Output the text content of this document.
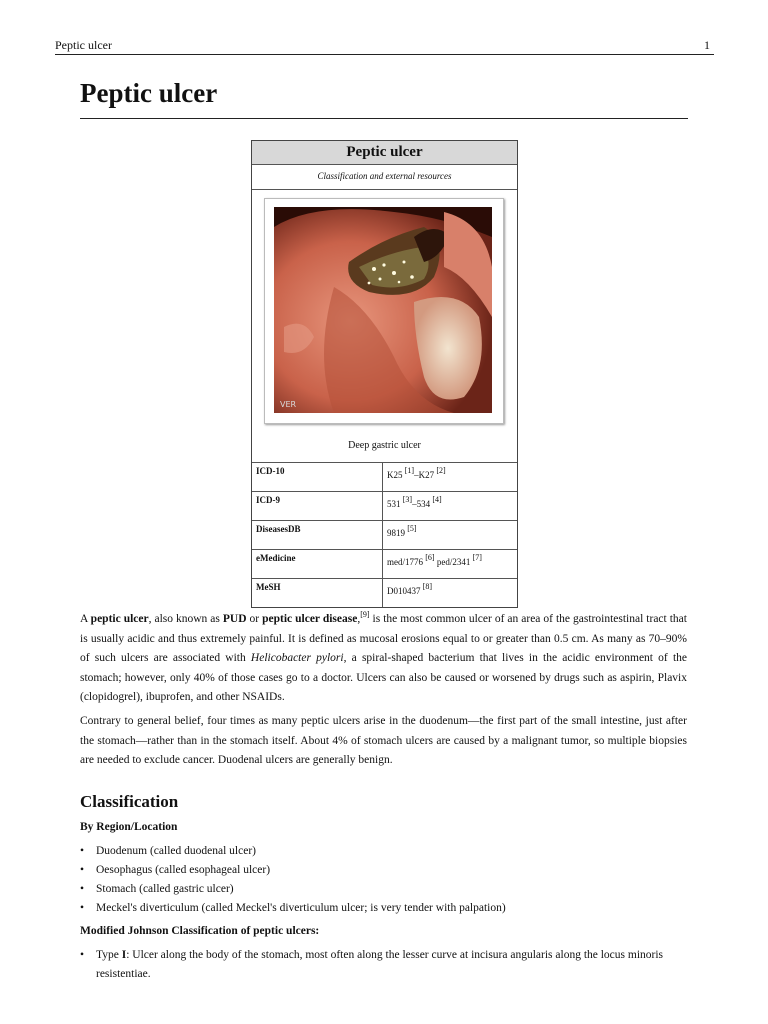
Peptic ulcer	1
Peptic ulcer
Peptic ulcer
Classification and external resources
VER
Deep gastric ulcer
ICD-10	K25 [1]–K27 [2]
ICD-9	531 [3]–534 [4]
DiseasesDB	9819 [5]
eMedicine	med/1776 [6] ped/2341 [7]
MeSH	D010437 [8]

A peptic ulcer, also known as PUD or peptic ulcer disease,[9] is the most common ulcer of an area of the gastrointestinal tract that is usually acidic and thus extremely painful. It is defined as mucosal erosions equal to or greater than 0.5 cm. As many as 70–90% of such ulcers are associated with Helicobacter pylori, a spiral-shaped bacterium that lives in the acidic environment of the stomach; however, only 40% of those cases go to a doctor. Ulcers can also be caused or worsened by drugs such as aspirin, Plavix (clopidogrel), ibuprofen, and other NSAIDs.

Contrary to general belief, four times as many peptic ulcers arise in the duodenum—the first part of the small intestine, just after the stomach—rather than in the stomach itself. About 4% of stomach ulcers are caused by a malignant tumor, so multiple biopsies are needed to exclude cancer. Duodenal ulcers are generally benign.

Classification
By Region/Location
• Duodenum (called duodenal ulcer)
• Oesophagus (called esophageal ulcer)
• Stomach (called gastric ulcer)
• Meckel's diverticulum (called Meckel's diverticulum ulcer; is very tender with palpation)
Modified Johnson Classification of peptic ulcers:
• Type I: Ulcer along the body of the stomach, most often along the lesser curve at incisura angularis along the locus minoris resistentiae.
